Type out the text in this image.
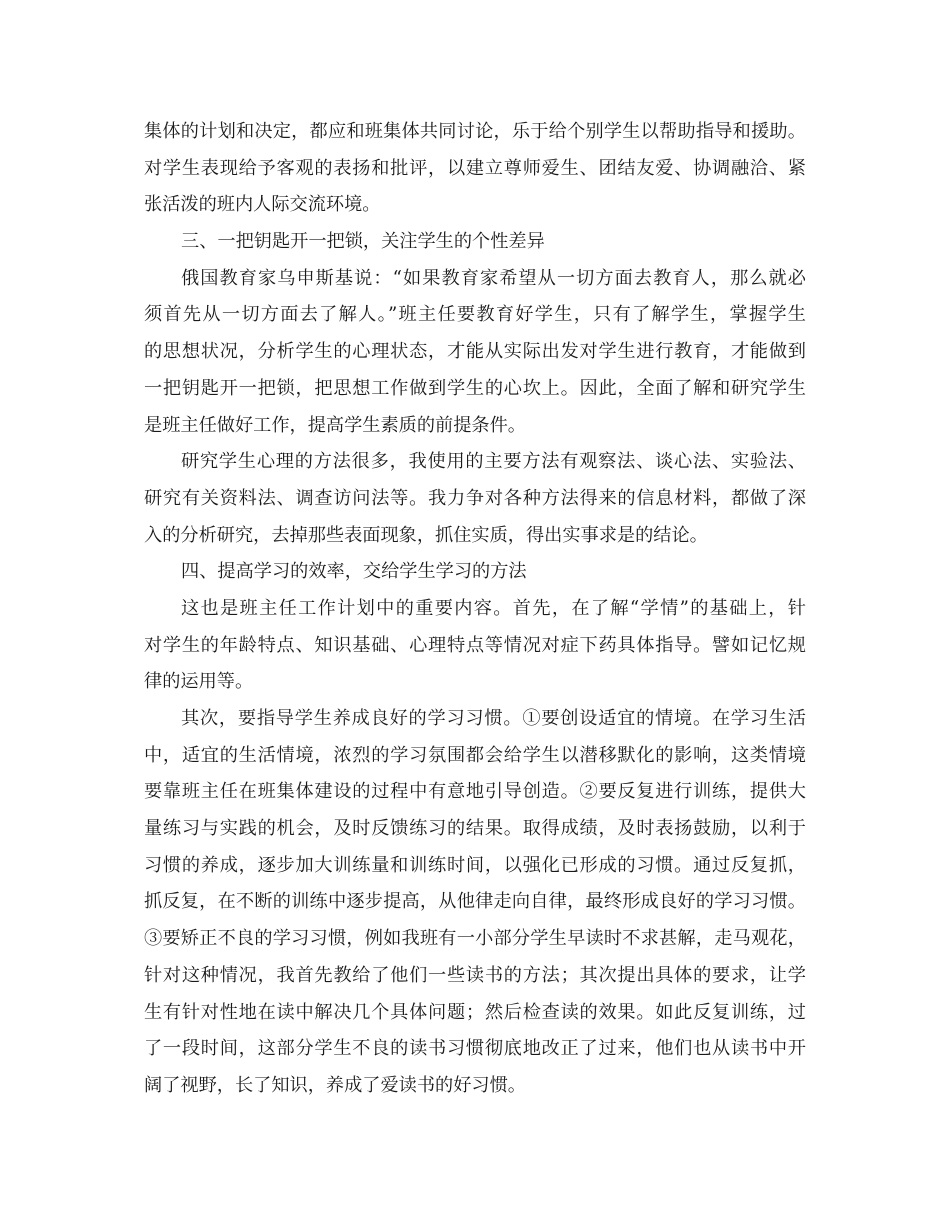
集体的计划和决定，都应和班集体共同讨论，乐于给个别学生以帮助指导和援助。
对学生表现给予客观的表扬和批评，以建立尊师爱生、团结友爱、协调融洽、紧
张活泼的班内人际交流环境。
三、一把钥匙开一把锁，关注学生的个性差异
俄国教育家乌申斯基说：“如果教育家希望从一切方面去教育人，那么就必
须首先从一切方面去了解人。”班主任要教育好学生，只有了解学生，掌握学生
的思想状况，分析学生的心理状态，才能从实际出发对学生进行教育，才能做到
一把钥匙开一把锁，把思想工作做到学生的心坎上。因此，全面了解和研究学生
是班主任做好工作，提高学生素质的前提条件。
研究学生心理的方法很多，我使用的主要方法有观察法、谈心法、实验法、
研究有关资料法、调查访问法等。我力争对各种方法得来的信息材料，都做了深
入的分析研究，去掉那些表面现象，抓住实质，得出实事求是的结论。
四、提高学习的效率，交给学生学习的方法
这也是班主任工作计划中的重要内容。首先，在了解“学情”的基础上，针
对学生的年龄特点、知识基础、心理特点等情况对症下药具体指导。譬如记忆规
律的运用等。
其次，要指导学生养成良好的学习习惯。①要创设适宜的情境。在学习生活
中，适宜的生活情境，浓烈的学习氛围都会给学生以潜移默化的影响，这类情境
要靠班主任在班集体建设的过程中有意地引导创造。②要反复进行训练，提供大
量练习与实践的机会，及时反馈练习的结果。取得成绩，及时表扬鼓励，以利于
习惯的养成，逐步加大训练量和训练时间，以强化已形成的习惯。通过反复抓，
抓反复，在不断的训练中逐步提高，从他律走向自律，最终形成良好的学习习惯。
③要矫正不良的学习习惯，例如我班有一小部分学生早读时不求甚解，走马观花，
针对这种情况，我首先教给了他们一些读书的方法；其次提出具体的要求，让学
生有针对性地在读中解决几个具体问题；然后检查读的效果。如此反复训练，过
了一段时间，这部分学生不良的读书习惯彻底地改正了过来，他们也从读书中开
阔了视野，长了知识，养成了爱读书的好习惯。
